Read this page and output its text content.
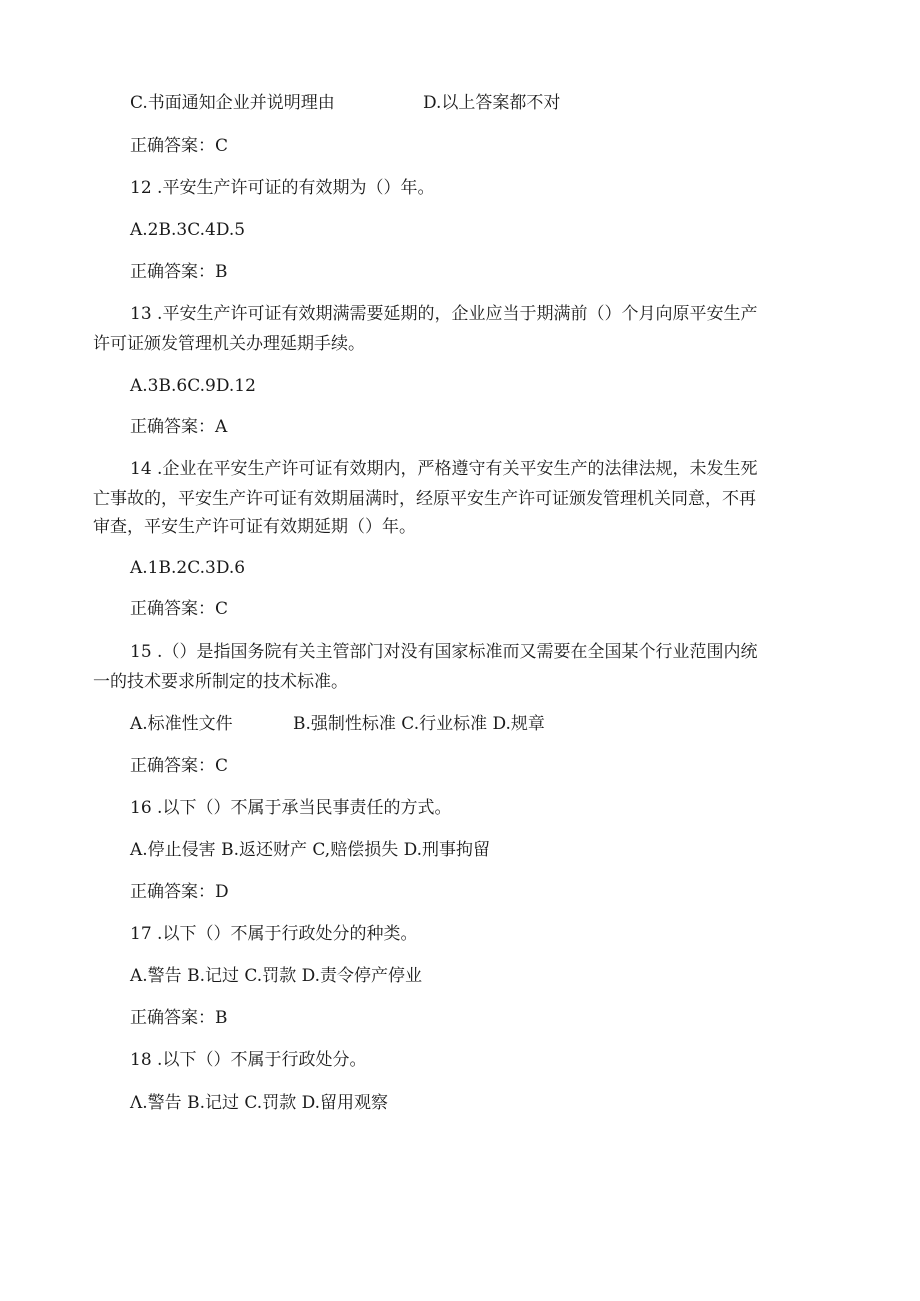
C.书面通知企业并说明理由	D.以上答案都不对
正确答案：C
12 .平安生产许可证的有效期为（）年。
A.2B.3C.4D.5
正确答案：B
13 .平安生产许可证有效期满需要延期的，企业应当于期满前（）个月向原平安生产
许可证颁发管理机关办理延期手续。
A.3B.6C.9D.12
正确答案：A
14 .企业在平安生产许可证有效期内，严格遵守有关平安生产的法律法规，未发生死
亡事故的，平安生产许可证有效期届满时，经原平安生产许可证颁发管理机关同意，不再
审查，平安生产许可证有效期延期（）年。
A.1B.2C.3D.6
正确答案：C
15 .（）是指国务院有关主管部门对没有国家标准而又需要在全国某个行业范围内统
一的技术要求所制定的技术标准。
A.标准性文件	B.强制性标准 C.行业标准 D.规章
正确答案：C
16 .以下（）不属于承当民事责任的方式。
A.停止侵害 B.返还财产 C,赔偿损失 D.刑事拘留
正确答案：D
17 .以下（）不属于行政处分的种类。
A.警告 B.记过 C.罚款 D.责令停产停业
正确答案：B
18 .以下（）不属于行政处分。
Λ.警告 B.记过 C.罚款 D.留用观察
